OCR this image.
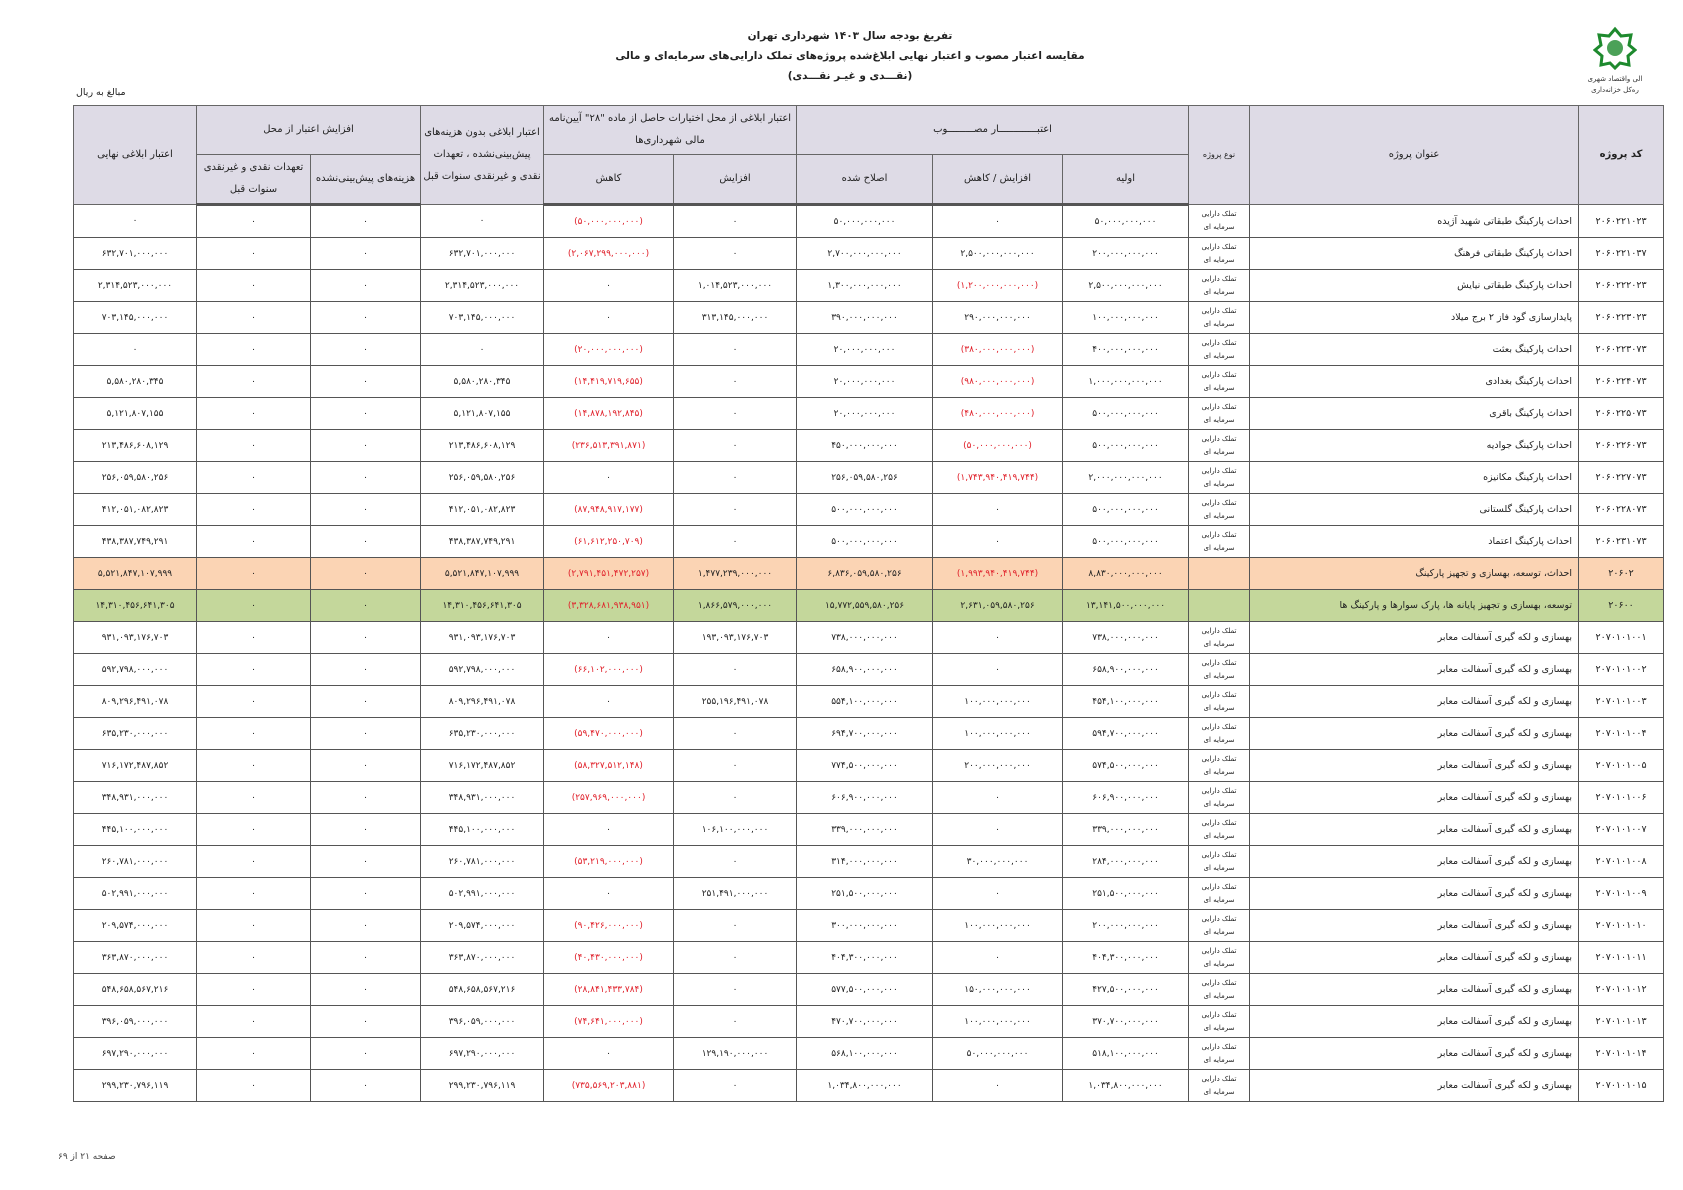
تفریغ بودجه سال ۱۴۰۳ شهرداری تهران
مقایسه اعتبار مصوب و اعتبار نهایی ابلاغ‌شده پروژه‌های تملک دارایی‌های سرمایه‌ای و مالی
(نقـــدی و غیـر نقـــدی)	الی واقتصاد شهری
ره‌کل خزانه‌داری
مبالغ به ریال
کد پروژه	عنوان پروژه	نوع پروژه	اعتبـــــــــــــار مصـــــــــوب			اعتبار ابلاغی از محل اختیارات حاصل از ماده "۲۸" آیین‌نامه مالی شهرداری‌ها		اعتبار ابلاغی بدون هزینه‌های پیش‌بینی‌نشده ، تعهدات نقدی و غیرنقدی سنوات قبل	افزایش اعتبار از محل		اعتبار ابلاغی نهایی
			اولیه	افزایش / کاهش	اصلاح شده	افزایش	کاهش		هزینه‌های پیش‌بینی‌نشده	تعهدات نقدی و غیرنقدی سنوات قبل	
۲۰۶۰۲۲۱۰۲۳	احداث پارکینگ طبقاتی شهید آژیده	تملک دارایی سرمایه ای	۵۰,۰۰۰,۰۰۰,۰۰۰	۰	۵۰,۰۰۰,۰۰۰,۰۰۰	۰	(۵۰,۰۰۰,۰۰۰,۰۰۰)	۰	۰	۰	۰
۲۰۶۰۲۲۱۰۳۷	احداث پارکینگ طبقاتی فرهنگ	تملک دارایی سرمایه ای	۲۰۰,۰۰۰,۰۰۰,۰۰۰	۲,۵۰۰,۰۰۰,۰۰۰,۰۰۰	۲,۷۰۰,۰۰۰,۰۰۰,۰۰۰	۰	(۲,۰۶۷,۲۹۹,۰۰۰,۰۰۰)	۶۳۲,۷۰۱,۰۰۰,۰۰۰	۰	۰	۶۳۲,۷۰۱,۰۰۰,۰۰۰
۲۰۶۰۲۲۲۰۲۳	احداث پارکینگ طبقاتی نیایش	تملک دارایی سرمایه ای	۲,۵۰۰,۰۰۰,۰۰۰,۰۰۰	(۱,۲۰۰,۰۰۰,۰۰۰,۰۰۰)	۱,۳۰۰,۰۰۰,۰۰۰,۰۰۰	۱,۰۱۴,۵۲۳,۰۰۰,۰۰۰	۰	۲,۳۱۴,۵۲۳,۰۰۰,۰۰۰	۰	۰	۲,۳۱۴,۵۲۳,۰۰۰,۰۰۰
۲۰۶۰۲۲۳۰۲۳	پایدارسازی گود فاز ۲ برج میلاد	تملک دارایی سرمایه ای	۱۰۰,۰۰۰,۰۰۰,۰۰۰	۲۹۰,۰۰۰,۰۰۰,۰۰۰	۳۹۰,۰۰۰,۰۰۰,۰۰۰	۳۱۳,۱۴۵,۰۰۰,۰۰۰	۰	۷۰۳,۱۴۵,۰۰۰,۰۰۰	۰	۰	۷۰۳,۱۴۵,۰۰۰,۰۰۰
۲۰۶۰۲۲۳۰۷۳	احداث پارکینگ بعثت	تملک دارایی سرمایه ای	۴۰۰,۰۰۰,۰۰۰,۰۰۰	(۳۸۰,۰۰۰,۰۰۰,۰۰۰)	۲۰,۰۰۰,۰۰۰,۰۰۰	۰	(۲۰,۰۰۰,۰۰۰,۰۰۰)	۰	۰	۰	۰
۲۰۶۰۲۲۴۰۷۳	احداث پارکینگ بغدادی	تملک دارایی سرمایه ای	۱,۰۰۰,۰۰۰,۰۰۰,۰۰۰	(۹۸۰,۰۰۰,۰۰۰,۰۰۰)	۲۰,۰۰۰,۰۰۰,۰۰۰	۰	(۱۴,۴۱۹,۷۱۹,۶۵۵)	۵,۵۸۰,۲۸۰,۳۴۵	۰	۰	۵,۵۸۰,۲۸۰,۳۴۵
۲۰۶۰۲۲۵۰۷۳	احداث پارکینگ باقری	تملک دارایی سرمایه ای	۵۰۰,۰۰۰,۰۰۰,۰۰۰	(۴۸۰,۰۰۰,۰۰۰,۰۰۰)	۲۰,۰۰۰,۰۰۰,۰۰۰	۰	(۱۴,۸۷۸,۱۹۲,۸۴۵)	۵,۱۲۱,۸۰۷,۱۵۵	۰	۰	۵,۱۲۱,۸۰۷,۱۵۵
۲۰۶۰۲۲۶۰۷۳	احداث پارکینگ جوادیه	تملک دارایی سرمایه ای	۵۰۰,۰۰۰,۰۰۰,۰۰۰	(۵۰,۰۰۰,۰۰۰,۰۰۰)	۴۵۰,۰۰۰,۰۰۰,۰۰۰	۰	(۲۳۶,۵۱۳,۳۹۱,۸۷۱)	۲۱۳,۴۸۶,۶۰۸,۱۲۹	۰	۰	۲۱۳,۴۸۶,۶۰۸,۱۲۹
۲۰۶۰۲۲۷۰۷۳	احداث پارکینگ مکانیزه	تملک دارایی سرمایه ای	۲,۰۰۰,۰۰۰,۰۰۰,۰۰۰	(۱,۷۴۳,۹۴۰,۴۱۹,۷۴۴)	۲۵۶,۰۵۹,۵۸۰,۲۵۶	۰	۰	۲۵۶,۰۵۹,۵۸۰,۲۵۶	۰	۰	۲۵۶,۰۵۹,۵۸۰,۲۵۶
۲۰۶۰۲۲۸۰۷۳	احداث پارکینگ گلستانی	تملک دارایی سرمایه ای	۵۰۰,۰۰۰,۰۰۰,۰۰۰	۰	۵۰۰,۰۰۰,۰۰۰,۰۰۰	۰	(۸۷,۹۴۸,۹۱۷,۱۷۷)	۴۱۲,۰۵۱,۰۸۲,۸۲۳	۰	۰	۴۱۲,۰۵۱,۰۸۲,۸۲۳
۲۰۶۰۲۳۱۰۷۳	احداث پارکینگ اعتماد	تملک دارایی سرمایه ای	۵۰۰,۰۰۰,۰۰۰,۰۰۰	۰	۵۰۰,۰۰۰,۰۰۰,۰۰۰	۰	(۶۱,۶۱۲,۲۵۰,۷۰۹)	۴۳۸,۳۸۷,۷۴۹,۲۹۱	۰	۰	۴۳۸,۳۸۷,۷۴۹,۲۹۱
۲۰۶۰۲	احداث، توسعه، بهسازی و تجهیز پارکینگ		۸,۸۳۰,۰۰۰,۰۰۰,۰۰۰	(۱,۹۹۳,۹۴۰,۴۱۹,۷۴۴)	۶,۸۳۶,۰۵۹,۵۸۰,۲۵۶	۱,۴۷۷,۲۳۹,۰۰۰,۰۰۰	(۲,۷۹۱,۴۵۱,۴۷۲,۲۵۷)	۵,۵۲۱,۸۴۷,۱۰۷,۹۹۹	۰	۰	۵,۵۲۱,۸۴۷,۱۰۷,۹۹۹
۲۰۶۰۰	توسعه، بهسازی و تجهیز پایانه ها، پارک سوارها و پارکینگ ها		۱۳,۱۴۱,۵۰۰,۰۰۰,۰۰۰	۲,۶۳۱,۰۵۹,۵۸۰,۲۵۶	۱۵,۷۷۲,۵۵۹,۵۸۰,۲۵۶	۱,۸۶۶,۵۷۹,۰۰۰,۰۰۰	(۳,۳۲۸,۶۸۱,۹۳۸,۹۵۱)	۱۴,۳۱۰,۴۵۶,۶۴۱,۳۰۵	۰	۰	۱۴,۳۱۰,۴۵۶,۶۴۱,۳۰۵
۲۰۷۰۱۰۱۰۰۱	بهسازی و لکه گیری آسفالت معابر	تملک دارایی سرمایه ای	۷۳۸,۰۰۰,۰۰۰,۰۰۰	۰	۷۳۸,۰۰۰,۰۰۰,۰۰۰	۱۹۳,۰۹۳,۱۷۶,۷۰۳	۰	۹۳۱,۰۹۳,۱۷۶,۷۰۳	۰	۰	۹۳۱,۰۹۳,۱۷۶,۷۰۳
۲۰۷۰۱۰۱۰۰۲	بهسازی و لکه گیری آسفالت معابر	تملک دارایی سرمایه ای	۶۵۸,۹۰۰,۰۰۰,۰۰۰	۰	۶۵۸,۹۰۰,۰۰۰,۰۰۰	۰	(۶۶,۱۰۲,۰۰۰,۰۰۰)	۵۹۲,۷۹۸,۰۰۰,۰۰۰	۰	۰	۵۹۲,۷۹۸,۰۰۰,۰۰۰
۲۰۷۰۱۰۱۰۰۳	بهسازی و لکه گیری آسفالت معابر	تملک دارایی سرمایه ای	۴۵۴,۱۰۰,۰۰۰,۰۰۰	۱۰۰,۰۰۰,۰۰۰,۰۰۰	۵۵۴,۱۰۰,۰۰۰,۰۰۰	۲۵۵,۱۹۶,۴۹۱,۰۷۸	۰	۸۰۹,۲۹۶,۴۹۱,۰۷۸	۰	۰	۸۰۹,۲۹۶,۴۹۱,۰۷۸
۲۰۷۰۱۰۱۰۰۴	بهسازی و لکه گیری آسفالت معابر	تملک دارایی سرمایه ای	۵۹۴,۷۰۰,۰۰۰,۰۰۰	۱۰۰,۰۰۰,۰۰۰,۰۰۰	۶۹۴,۷۰۰,۰۰۰,۰۰۰	۰	(۵۹,۴۷۰,۰۰۰,۰۰۰)	۶۳۵,۲۳۰,۰۰۰,۰۰۰	۰	۰	۶۳۵,۲۳۰,۰۰۰,۰۰۰
۲۰۷۰۱۰۱۰۰۵	بهسازی و لکه گیری آسفالت معابر	تملک دارایی سرمایه ای	۵۷۴,۵۰۰,۰۰۰,۰۰۰	۲۰۰,۰۰۰,۰۰۰,۰۰۰	۷۷۴,۵۰۰,۰۰۰,۰۰۰	۰	(۵۸,۳۲۷,۵۱۲,۱۴۸)	۷۱۶,۱۷۲,۴۸۷,۸۵۲	۰	۰	۷۱۶,۱۷۲,۴۸۷,۸۵۲
۲۰۷۰۱۰۱۰۰۶	بهسازی و لکه گیری آسفالت معابر	تملک دارایی سرمایه ای	۶۰۶,۹۰۰,۰۰۰,۰۰۰	۰	۶۰۶,۹۰۰,۰۰۰,۰۰۰	۰	(۲۵۷,۹۶۹,۰۰۰,۰۰۰)	۳۴۸,۹۳۱,۰۰۰,۰۰۰	۰	۰	۳۴۸,۹۳۱,۰۰۰,۰۰۰
۲۰۷۰۱۰۱۰۰۷	بهسازی و لکه گیری آسفالت معابر	تملک دارایی سرمایه ای	۳۳۹,۰۰۰,۰۰۰,۰۰۰	۰	۳۳۹,۰۰۰,۰۰۰,۰۰۰	۱۰۶,۱۰۰,۰۰۰,۰۰۰	۰	۴۴۵,۱۰۰,۰۰۰,۰۰۰	۰	۰	۴۴۵,۱۰۰,۰۰۰,۰۰۰
۲۰۷۰۱۰۱۰۰۸	بهسازی و لکه گیری آسفالت معابر	تملک دارایی سرمایه ای	۲۸۴,۰۰۰,۰۰۰,۰۰۰	۳۰,۰۰۰,۰۰۰,۰۰۰	۳۱۴,۰۰۰,۰۰۰,۰۰۰	۰	(۵۳,۲۱۹,۰۰۰,۰۰۰)	۲۶۰,۷۸۱,۰۰۰,۰۰۰	۰	۰	۲۶۰,۷۸۱,۰۰۰,۰۰۰
۲۰۷۰۱۰۱۰۰۹	بهسازی و لکه گیری آسفالت معابر	تملک دارایی سرمایه ای	۲۵۱,۵۰۰,۰۰۰,۰۰۰	۰	۲۵۱,۵۰۰,۰۰۰,۰۰۰	۲۵۱,۴۹۱,۰۰۰,۰۰۰	۰	۵۰۲,۹۹۱,۰۰۰,۰۰۰	۰	۰	۵۰۲,۹۹۱,۰۰۰,۰۰۰
۲۰۷۰۱۰۱۰۱۰	بهسازی و لکه گیری آسفالت معابر	تملک دارایی سرمایه ای	۲۰۰,۰۰۰,۰۰۰,۰۰۰	۱۰۰,۰۰۰,۰۰۰,۰۰۰	۳۰۰,۰۰۰,۰۰۰,۰۰۰	۰	(۹۰,۴۲۶,۰۰۰,۰۰۰)	۲۰۹,۵۷۴,۰۰۰,۰۰۰	۰	۰	۲۰۹,۵۷۴,۰۰۰,۰۰۰
۲۰۷۰۱۰۱۰۱۱	بهسازی و لکه گیری آسفالت معابر	تملک دارایی سرمایه ای	۴۰۴,۳۰۰,۰۰۰,۰۰۰	۰	۴۰۴,۳۰۰,۰۰۰,۰۰۰	۰	(۴۰,۴۳۰,۰۰۰,۰۰۰)	۳۶۳,۸۷۰,۰۰۰,۰۰۰	۰	۰	۳۶۳,۸۷۰,۰۰۰,۰۰۰
۲۰۷۰۱۰۱۰۱۲	بهسازی و لکه گیری آسفالت معابر	تملک دارایی سرمایه ای	۴۲۷,۵۰۰,۰۰۰,۰۰۰	۱۵۰,۰۰۰,۰۰۰,۰۰۰	۵۷۷,۵۰۰,۰۰۰,۰۰۰	۰	(۲۸,۸۴۱,۴۳۳,۷۸۴)	۵۴۸,۶۵۸,۵۶۷,۲۱۶	۰	۰	۵۴۸,۶۵۸,۵۶۷,۲۱۶
۲۰۷۰۱۰۱۰۱۳	بهسازی و لکه گیری آسفالت معابر	تملک دارایی سرمایه ای	۳۷۰,۷۰۰,۰۰۰,۰۰۰	۱۰۰,۰۰۰,۰۰۰,۰۰۰	۴۷۰,۷۰۰,۰۰۰,۰۰۰	۰	(۷۴,۶۴۱,۰۰۰,۰۰۰)	۳۹۶,۰۵۹,۰۰۰,۰۰۰	۰	۰	۳۹۶,۰۵۹,۰۰۰,۰۰۰
۲۰۷۰۱۰۱۰۱۴	بهسازی و لکه گیری آسفالت معابر	تملک دارایی سرمایه ای	۵۱۸,۱۰۰,۰۰۰,۰۰۰	۵۰,۰۰۰,۰۰۰,۰۰۰	۵۶۸,۱۰۰,۰۰۰,۰۰۰	۱۲۹,۱۹۰,۰۰۰,۰۰۰	۰	۶۹۷,۲۹۰,۰۰۰,۰۰۰	۰	۰	۶۹۷,۲۹۰,۰۰۰,۰۰۰
۲۰۷۰۱۰۱۰۱۵	بهسازی و لکه گیری آسفالت معابر	تملک دارایی سرمایه ای	۱,۰۳۴,۸۰۰,۰۰۰,۰۰۰	۰	۱,۰۳۴,۸۰۰,۰۰۰,۰۰۰	۰	(۷۳۵,۵۶۹,۲۰۳,۸۸۱)	۲۹۹,۲۳۰,۷۹۶,۱۱۹	۰	۰	۲۹۹,۲۳۰,۷۹۶,۱۱۹
صفحه ۲۱ از ۶۹
